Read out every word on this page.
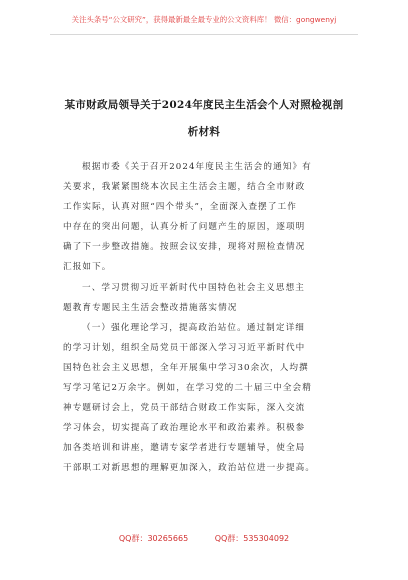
关注头条号“公文研究”，获得最新最全最专业的公文资料库！ 微信：gongwenyj
某市财政局领导关于2024年度民主生活会个人对照检视剖
析材料
根据市委《关于召开2024年度民主生活会的通知》有
关要求，我紧紧围绕本次民主生活会主题，结合全市财政
工作实际，认真对照“四个带头”，全面深入查摆了工作
中存在的突出问题，认真分析了问题产生的原因，逐项明
确了下一步整改措施。按照会议安排，现将对照检查情况
汇报如下。
一、学习贯彻习近平新时代中国特色社会主义思想主
题教育专题民主生活会整改措施落实情况
（一）强化理论学习，提高政治站位。通过制定详细
的学习计划，组织全局党员干部深入学习习近平新时代中
国特色社会主义思想，全年开展集中学习30余次，人均撰
写学习笔记2万余字。例如，在学习党的二十届三中全会精
神专题研讨会上，党员干部结合财政工作实际，深入交流
学习体会，切实提高了政治理论水平和政治素养。积极参
加各类培训和讲座，邀请专家学者进行专题辅导，使全局
干部职工对新思想的理解更加深入，政治站位进一步提高。
QQ群：30265665	QQ群：535304092
